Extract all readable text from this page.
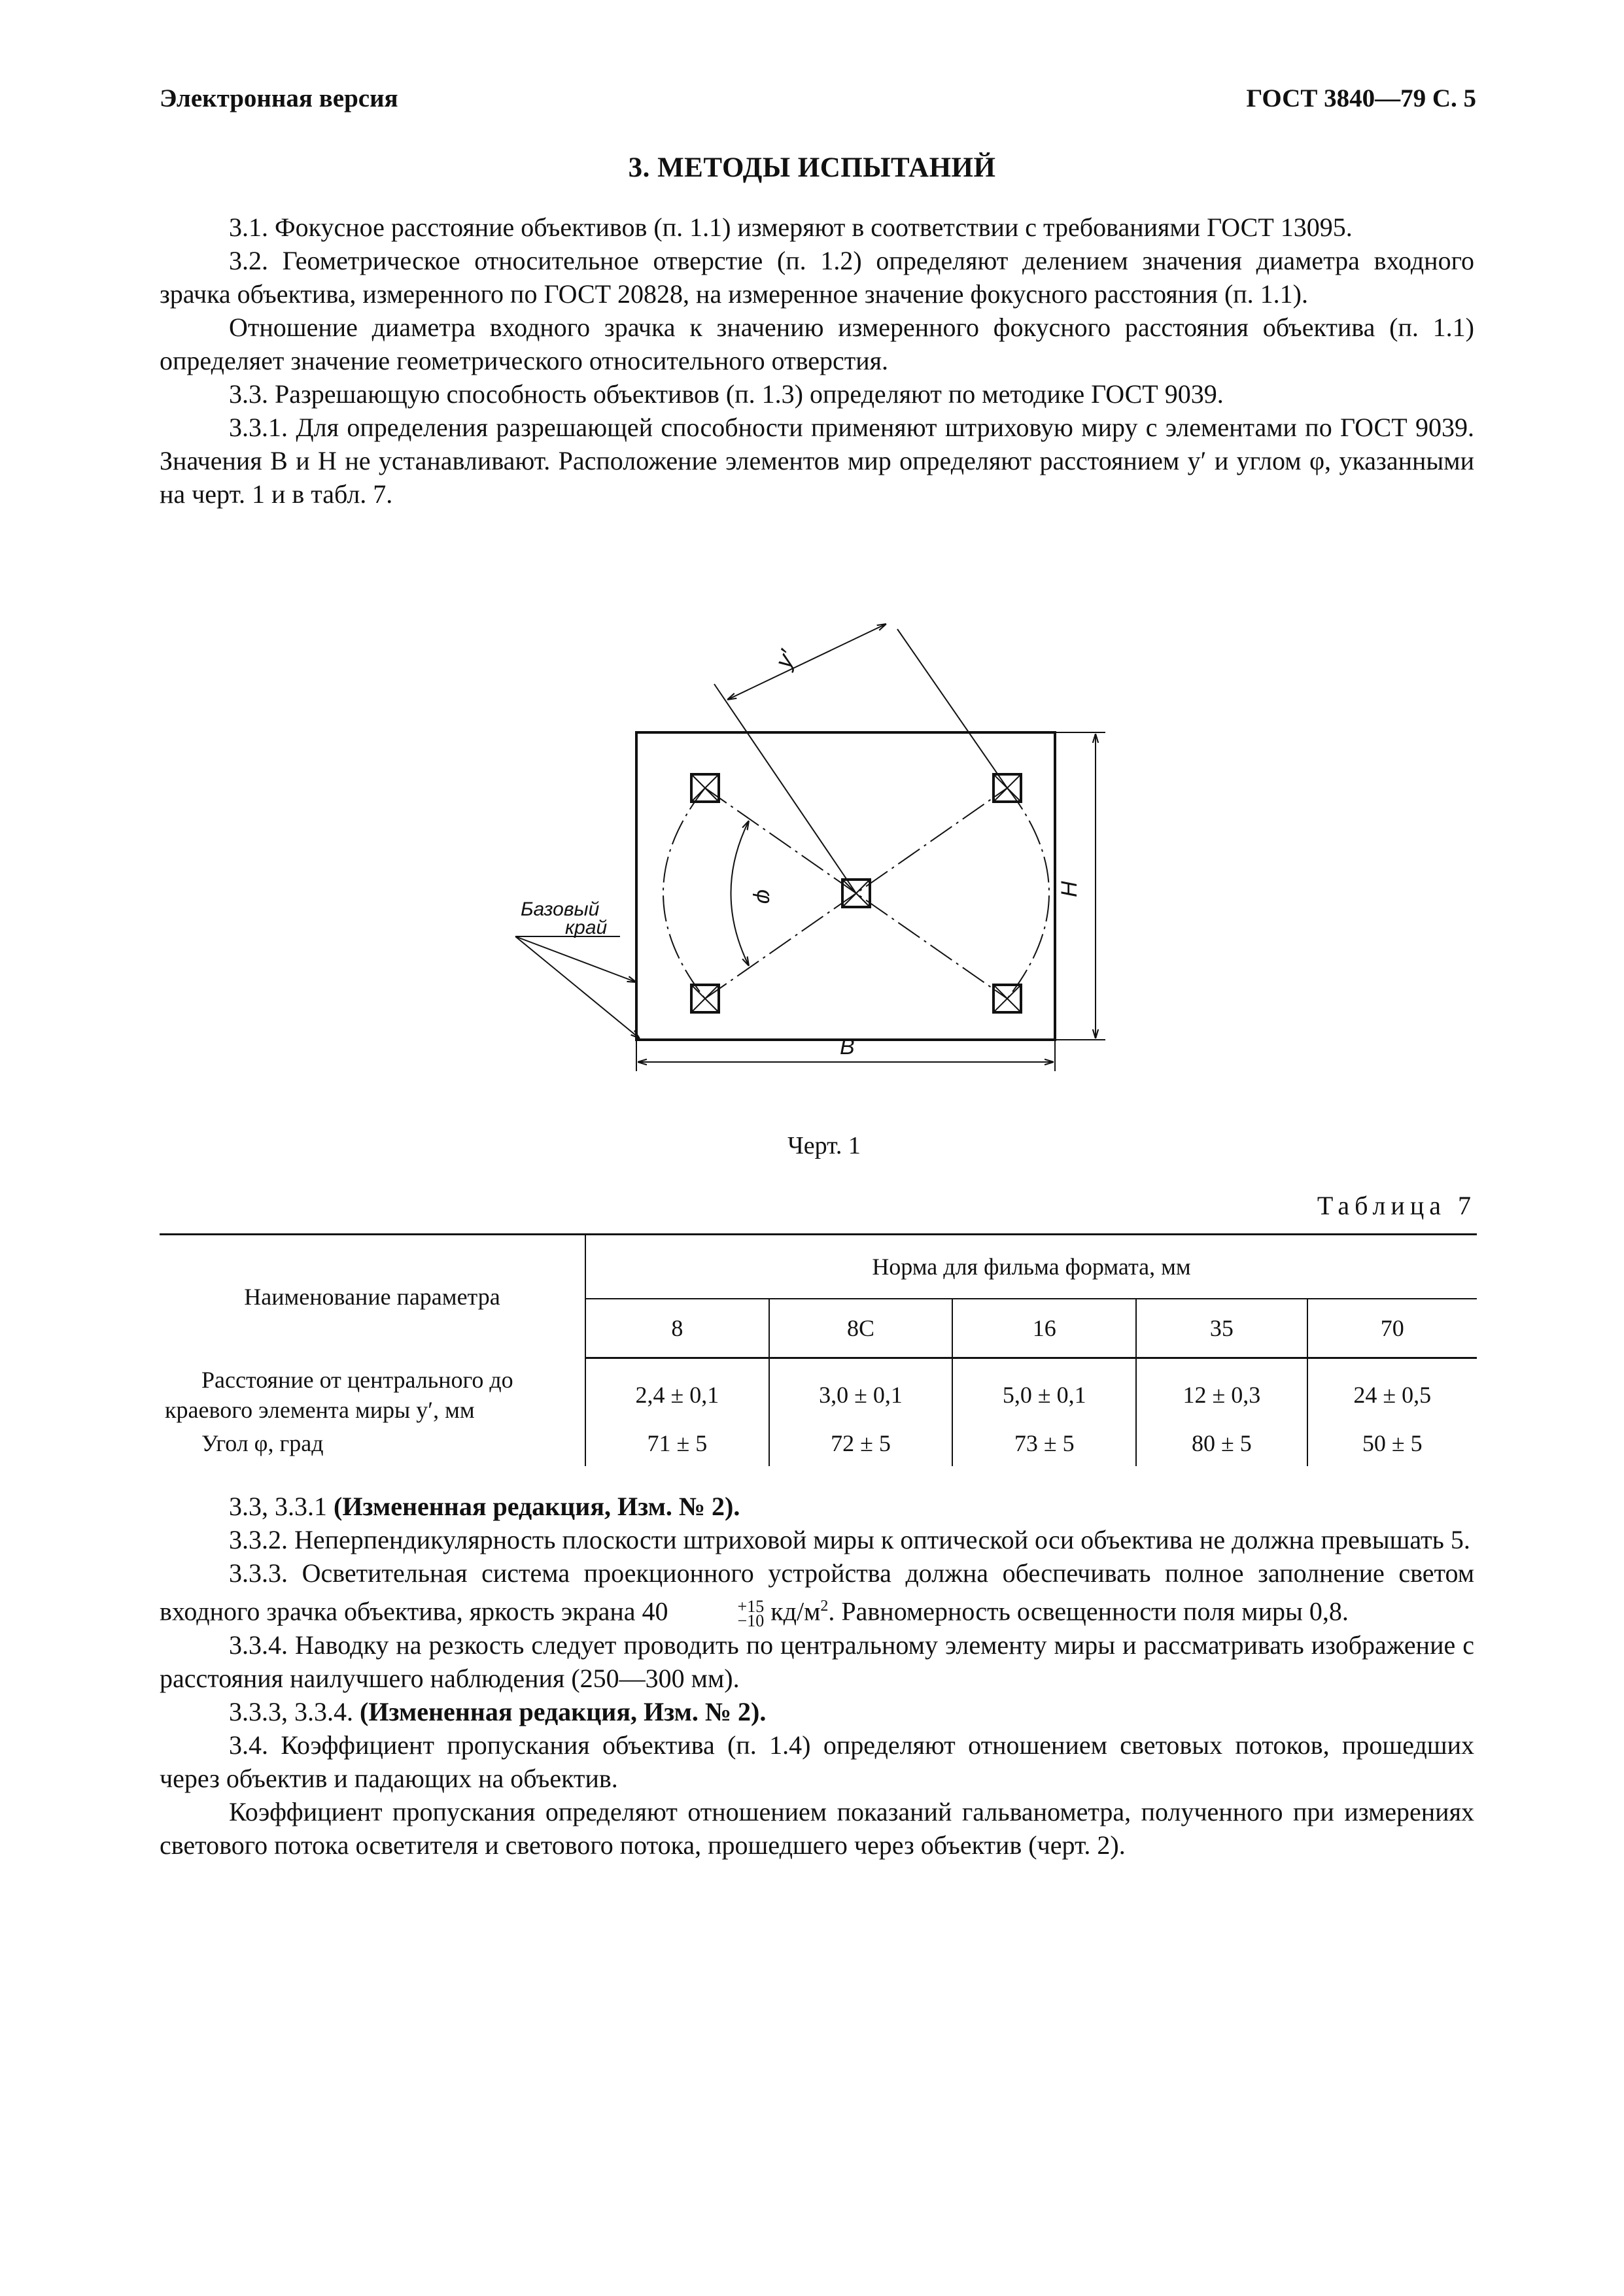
Электронная версия	ГОСТ 3840—79 С. 5
3. МЕТОДЫ ИСПЫТАНИЙ

3.1. Фокусное расстояние объективов (п. 1.1) измеряют в соответствии с требованиями ГОСТ 13095.

3.2. Геометрическое относительное отверстие (п. 1.2) определяют делением значения диаметра входного зрачка объектива, измеренного по ГОСТ 20828, на измеренное значение фокусного расстояния (п. 1.1).

Отношение диаметра входного зрачка к значению измеренного фокусного расстояния объектива (п. 1.1) определяет значение геометрического относительного отверстия.

3.3. Разрешающую способность объективов (п. 1.3) определяют по методике ГОСТ 9039.

3.3.1. Для определения разрешающей способности применяют штриховую миру с элементами по ГОСТ 9039. Значения В и Н не устанавливают. Расположение элементов мир определяют расстоянием y′ и углом φ, указанными на черт. 1 и в табл. 7.

y′
φ	H
B
Базовый
край
Черт. 1
Таблица 7
Наименование параметра	Норма для фильма формата, мм				
	8	8С	16	35	70
Расстояние от центрального до краевого элемента миры y′, мм	2,4 ± 0,1	3,0 ± 0,1	5,0 ± 0,1	12 ± 0,3	24 ± 0,5
Угол φ, град	71 ± 5	72 ± 5	73 ± 5	80 ± 5	50 ± 5

3.3, 3.3.1 (Измененная редакция, Изм. № 2).

3.3.2. Неперпендикулярность плоскости штриховой миры к оптической оси объектива не должна превышать 5.

3.3.3. Осветительная система проекционного устройства должна обеспечивать полное заполнение светом входного зрачка объектива, яркость экрана 40	+15
−10 $кд/м^2$. Равномерность освещенности поля миры 0,8.

3.3.4. Наводку на резкость следует проводить по центральному элементу миры и рассматривать изображение с расстояния наилучшего наблюдения (250—300 мм).

3.3.3, 3.3.4. (Измененная редакция, Изм. № 2).

3.4. Коэффициент пропускания объектива (п. 1.4) определяют отношением световых потоков, прошедших через объектив и падающих на объектив.

Коэффициент пропускания определяют отношением показаний гальванометра, полученного при измерениях светового потока осветителя и светового потока, прошедшего через объектив (черт. 2).
